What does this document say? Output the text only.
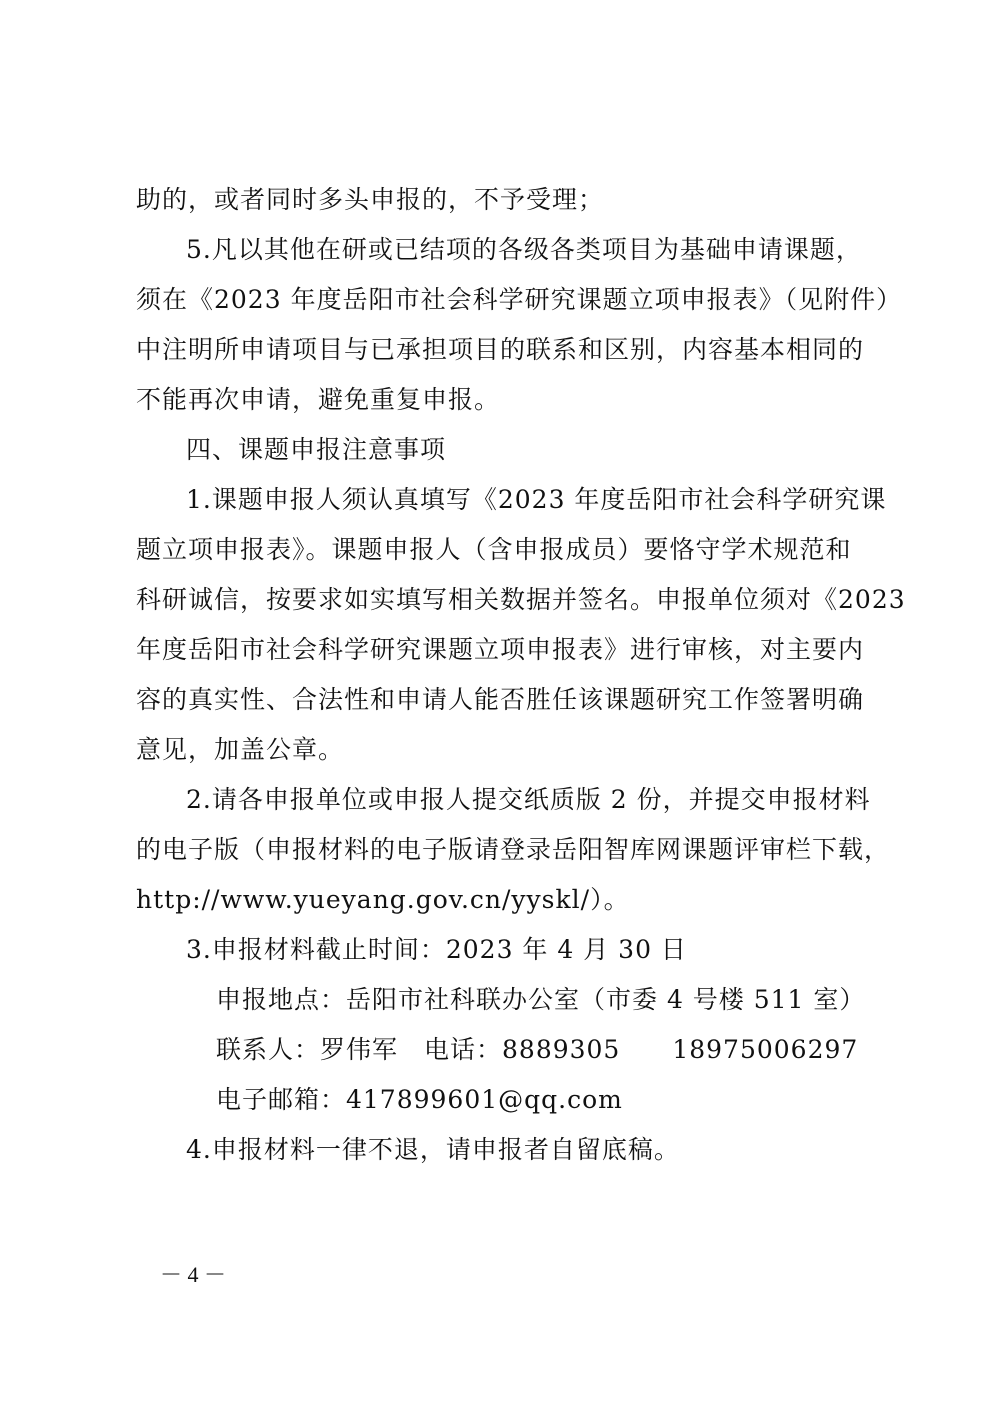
助的，或者同时多头申报的，不予受理；
5.凡以其他在研或已结项的各级各类项目为基础申请课题，
须在《2023 年度岳阳市社会科学研究课题立项申报表》（见附件）
中注明所申请项目与已承担项目的联系和区别，内容基本相同的
不能再次申请，避免重复申报。
四、课题申报注意事项
1.课题申报人须认真填写《2023 年度岳阳市社会科学研究课
题立项申报表》。课题申报人（含申报成员）要恪守学术规范和
科研诚信，按要求如实填写相关数据并签名。申报单位须对《2023
年度岳阳市社会科学研究课题立项申报表》进行审核，对主要内
容的真实性、合法性和申请人能否胜任该课题研究工作签署明确
意见，加盖公章。
2.请各申报单位或申报人提交纸质版 2 份，并提交申报材料
的电子版（申报材料的电子版请登录岳阳智库网课题评审栏下载，
http://www.yueyang.gov.cn/yyskl/）。
3.申报材料截止时间：2023 年 4 月 30 日
申报地点：岳阳市社科联办公室（市委 4 号楼 511 室）
联系人：罗伟军　电话：8889305　　18975006297
电子邮箱：417899601@qq.com
4.申报材料一律不退，请申报者自留底稿。
－ 4 －
